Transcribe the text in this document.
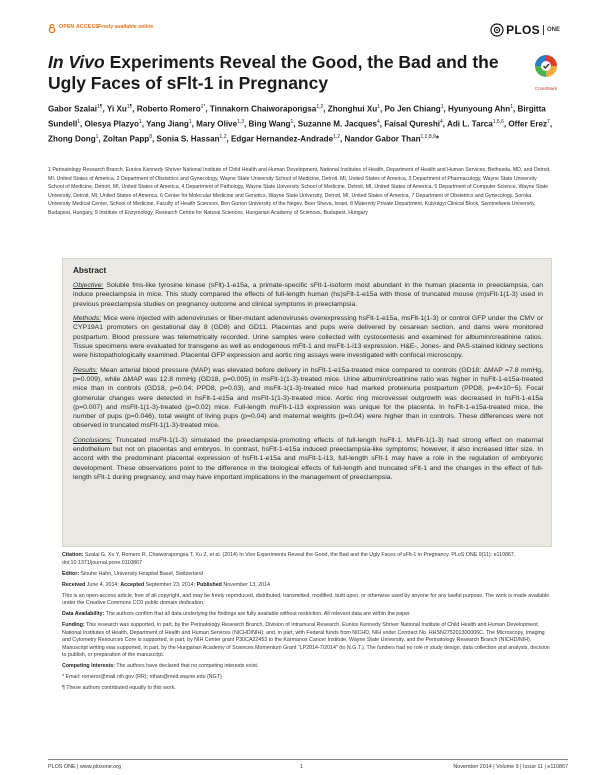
OPEN ACCESS Freely available online	PLOS ONE
In Vivo Experiments Reveal the Good, the Bad and the
Ugly Faces of sFlt-1 in Pregnancy	CrossMark
Gabor Szalai$^{1\P}$, Yi $Xu^{1\P}$, Roberto Romero$^{1*}$, Tinnakorn Chaiworapongsa$^{1,2}$, Zhonghui Xu$^1$, Po Jen Chiang$^1$, Hyunyoung Ahn$^1$, Birgitta Sundell$^1$, Olesya Plazyo$^1$, Yang Jiang$^1$, Mary Olive$^{1,3}$, Bing Wang$^1$, Suzanne M. Jacques$^4$, Faisal Qureshi$^4$, Adi L. Tarca$^{1,5,6}$, Offer Erez$^7$, Zhong Dong$^1$, Zoltan Papp$^8$, Sonia S. Hassan$^{1,2}$, Edgar Hernandez-Andrade$^{1,2}$, Nandor Gabor Than$^{1,2,8,9}$*
1 Perinatology Research Branch, Eunice Kennedy Shriver National Institute of Child Health and Human Development, National Institutes of Health, Department of Health and Human Services, Bethesda, MD, and Detroit, MI, United States of America, 2 Department of Obstetrics and Gynecology, Wayne State University School of Medicine, Detroit, MI, United States of America, 3 Department of Pharmacology, Wayne State University School of Medicine, Detroit, MI, United States of America, 4 Department of Pathology, Wayne State University School of Medicine, Detroit, MI, United States of America, 5 Department of Computer Science, Wayne State University, Detroit, MI, United States of America, 6 Center for Molecular Medicine and Genetics, Wayne State University, Detroit, MI, United States of America, 7 Department of Obstetrics and Gynecology, Soroka University Medical Center, School of Medicine, Faculty of Health Sciences, Ben Gurion University of the Negev, Beer Sheva, Israel, 8 Maternity Private Department, Kutvolgyi Clinical Block, Semmelweis University, Budapest, Hungary, 9 Institute of Enzymology, Research Centre for Natural Sciences, Hungarian Academy of Sciences, Budapest, Hungary
Abstract

Objective: Soluble fms-like tyrosine kinase (sFlt)-1-e15a, a primate-specific sFlt-1-isoform most abundant in the human placenta in preeclampsia, can induce preeclampsia in mice. This study compared the effects of full-length human (hs)sFlt-1-e15a with those of truncated mouse (m)sFlt-1(1-3) used in previous preeclampsia studies on pregnancy outcome and clinical symptoms in preeclampsia.

Methods: Mice were injected with adenoviruses or fiber-mutant adenoviruses overexpressing hsFlt-1-e15a, msFlt-1(1-3) or control GFP under the CMV or CYP19A1 promoters on gestational day 8 (GD8) and GD11. Placentas and pups were delivered by cesarean section, and dams were monitored postpartum. Blood pressure was telemetrically recorded. Urine samples were collected with cystocentesis and examined for albumin/creatinine ratios. Tissue specimens were evaluated for transgene as well as endogenous mFlt-1 and msFlt-1-i13 expression. H&E-, Jones- and PAS-stained kidney sections were histopathologically examined. Placental GFP expression and aortic ring assays were investigated with confocal microscopy.

Results: Mean arterial blood pressure (MAP) was elevated before delivery in hsFlt-1-e15a-treated mice compared to controls (GD18: ΔMAP =7.8 mmHg, p=0.009), while ΔMAP was 12.8 mmHg (GD18, p=0.005) in msFlt-1(1-3)-treated mice. Urine albumin/creatinine ratio was higher in hsFlt-1-e15a-treated mice than in controls (GD18, p=0.04; PPD8, p=0.03), and msFlt-1(1-3)-treated mice had marked proteinuria postpartum (PPD8, p=4×10−5). Focal glomerular changes were detected in hsFlt-1-e15a and msFlt-1(1-3)-treated mice. Aortic ring microvessel outgrowth was decreased in hsFlt-1-e15a (p=0.007) and msFlt-1(1-3)-treated (p=0.02) mice. Full-length msFlt-1-i13 expression was unique for the placenta. In hsFlt-1-e15a-treated mice, the number of pups (p=0.046), total weight of living pups (p=0.04) and maternal weights (p=0.04) were higher than in controls. These differences were not observed in truncated msFlt-1(1-3)-treated mice.

Conclusions: Truncated msFlt-1(1-3) simulated the preeclampsia-promoting effects of full-length hsFlt-1. MsFlt-1(1-3) had strong effect on maternal endothelium but not on placentas and embryos. In contrast, hsFlt-1-e15a induced preeclampsia-like symptoms; however, it also increased litter size. In accord with the predominant placental expression of hsFlt-1-e15a and msFlt-1-i13, full-length sFlt-1 may have a role in the regulation of embryonic development. These observations point to the difference in the biological effects of full-length and truncated sFlt-1 and the changes in the effect of full-length sFlt-1 during pregnancy, and may have important implications in the management of preeclampsia.

Citation: Szalai G, Xu Y, Romero R, Chaiworapongsa T, Xu Z, et al. (2014) In Vivo Experiments Reveal the Good, the Bad and the Ugly Faces of sFlt-1 in Pregnancy. PLoS ONE 9(11): e110867. doi:10.1371/journal.pone.0110867

Editor: Sinuhe Hahn, University Hospital Basel, Switzerland

Received June 4, 2014; Accepted September 23, 2014; Published November 13, 2014

This is an open-access article, free of all copyright, and may be freely reproduced, distributed, transmitted, modified, built upon, or otherwise used by anyone for any lawful purpose. The work is made available under the Creative Commons CC0 public domain dedication.

Data Availability: The authors confirm that all data underlying the findings are fully available without restriction. All relevant data are within the paper.

Funding: This research was supported, in part, by the Perinatology Research Branch, Division of Intramural Research, Eunice Kennedy Shriver National Institute of Child Health and Human Development, National Institutes of Health, Department of Health and Human Services (NICHD/NIH); and, in part, with Federal funds from NICHD, NIH under Contract No. HHSN275201300006C. The Microscopy, Imaging and Cytometry Resources Core is supported, in part, by NIH Center grant P30CA22453 to the Karmanos Cancer Institute, Wayne State University, and the Perinatology Research Branch (NICHD/NIH). Manuscript writing was supported, in part, by the Hungarian Academy of Sciences Momentum Grant "LP2014-7/2014" (to N.G.T.). The funders had no role in study design, data collection and analysis, decision to publish, or preparation of the manuscript.

Competing Interests: The authors have declared that no competing interests exist.

* Email: romeror@mail.nih.gov (RR); nthan@med.wayne.edu (NGT)

¶ These authors contributed equally to this work.

PLOS ONE | www.plosone.org	1	November 2014 | Volume 9 | Issue 11 | e110867
